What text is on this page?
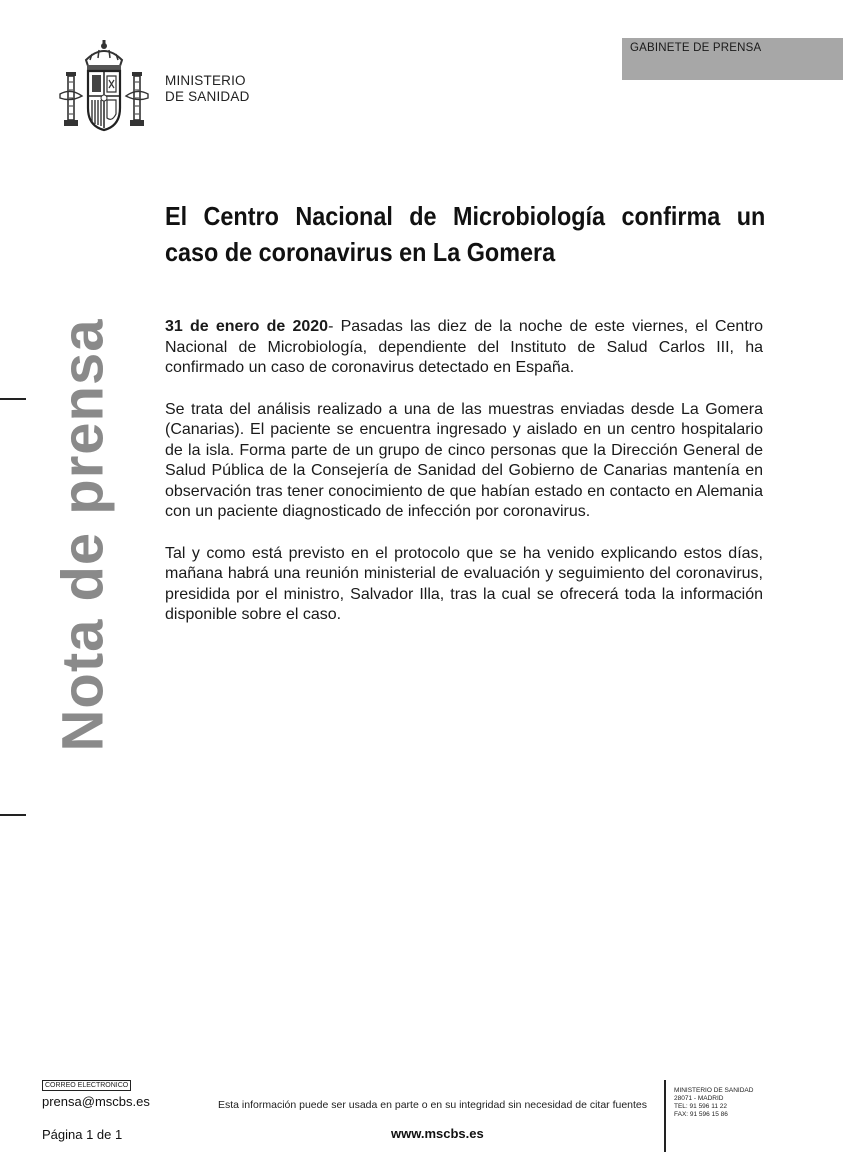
GABINETE DE PRENSA
MINISTERIO
DE SANIDAD
Nota de prensa
El Centro Nacional de Microbiología confirma un caso de coronavirus en La Gomera

31 de enero de 2020- Pasadas las diez de la noche de este viernes, el Centro Nacional de Microbiología, dependiente del Instituto de Salud Carlos III, ha confirmado un caso de coronavirus detectado en España.

Se trata del análisis realizado a una de las muestras enviadas desde La Gomera (Canarias). El paciente se encuentra ingresado y aislado en un centro hospitalario de la isla. Forma parte de un grupo de cinco personas que la Dirección General de Salud Pública de la Consejería de Sanidad del Gobierno de Canarias mantenía en observación tras tener conocimiento de que habían estado en contacto en Alemania con un paciente diagnosticado de infección por coronavirus.

Tal y como está previsto en el protocolo que se ha venido explicando estos días, mañana habrá una reunión ministerial de evaluación y seguimiento del coronavirus, presidida por el ministro, Salvador Illa, tras la cual se ofrecerá toda la información disponible sobre el caso.

CORREO ELECTRONICO
prensa@mscbs.es
Página 1 de 1
Esta información puede ser usada en parte o en su integridad sin necesidad de citar fuentes
www.mscbs.es
MINISTERIO DE SANIDAD
28071 - MADRID
TEL: 91 596 11 22
FAX: 91 596 15 86
